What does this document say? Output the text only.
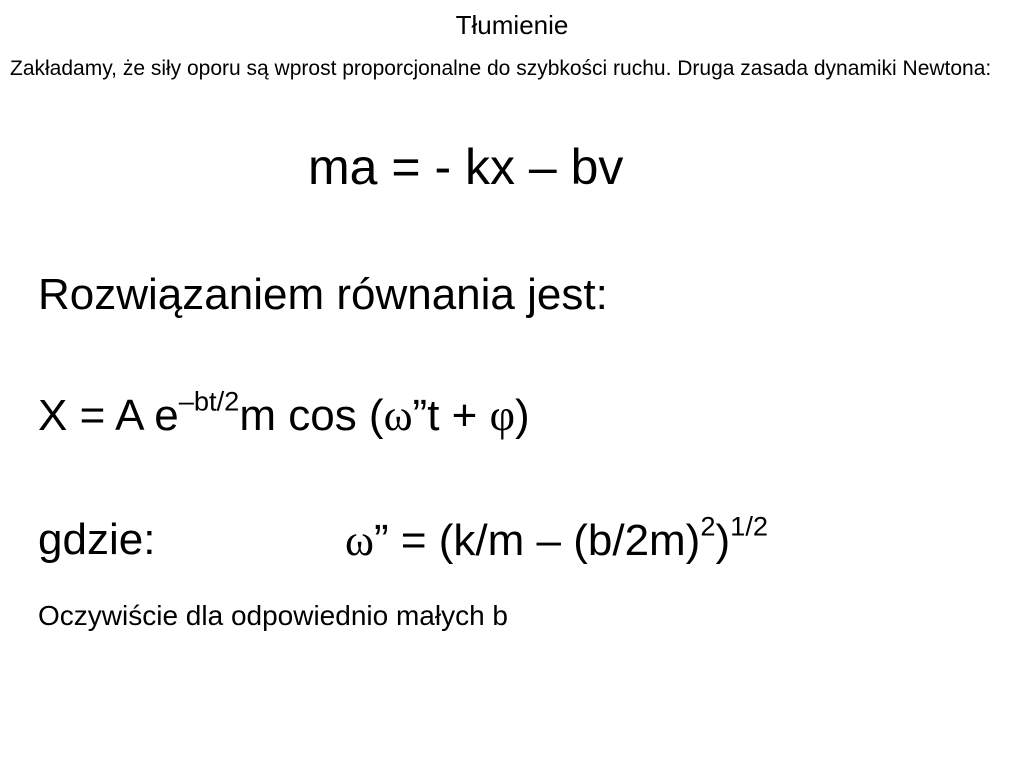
Tłumienie
Zakładamy, że siły oporu są wprost proporcjonalne do szybkości ruchu. Druga zasada dynamiki Newtona:
ma = - kx – bv
Rozwiązaniem równania jest:
X = A $e^{-bt/2}m$ cos (ω”t + φ)
gdzie:	ω” = $(k/m - (b/2m)^2)^{1/2}$
Oczywiście dla odpowiednio małych b
